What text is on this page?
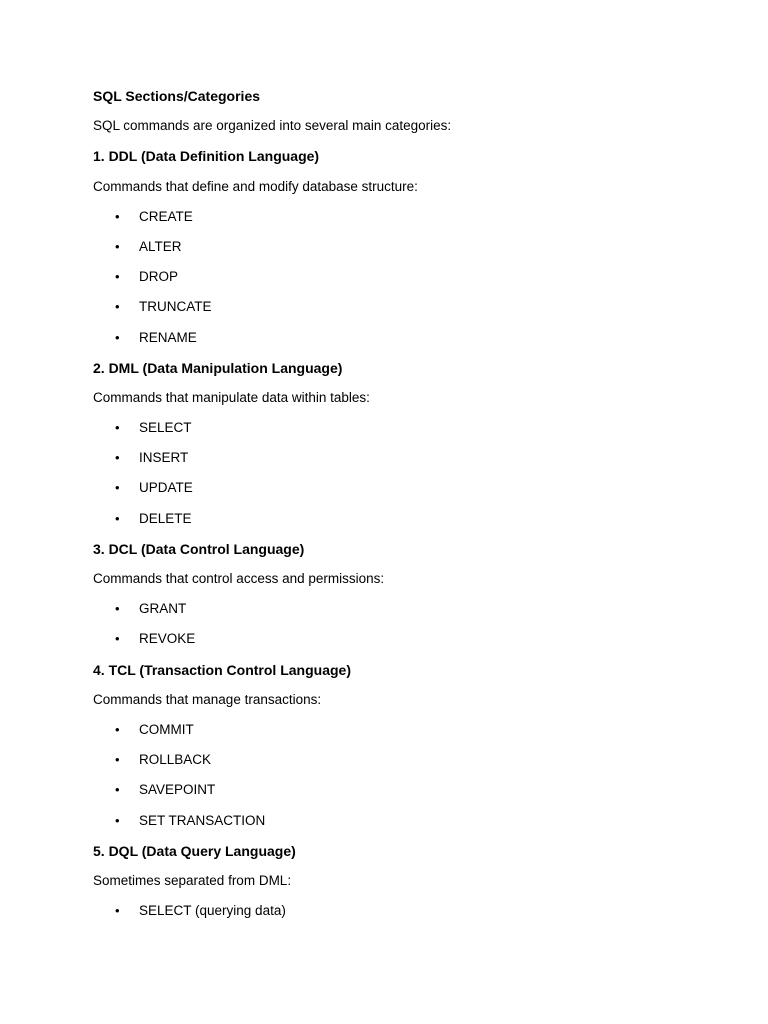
SQL Sections/Categories
SQL commands are organized into several main categories:
1. DDL (Data Definition Language)
Commands that define and modify database structure:
• CREATE
• ALTER
• DROP
• TRUNCATE
• RENAME
2. DML (Data Manipulation Language)
Commands that manipulate data within tables:
• SELECT
• INSERT
• UPDATE
• DELETE
3. DCL (Data Control Language)
Commands that control access and permissions:
• GRANT
• REVOKE
4. TCL (Transaction Control Language)
Commands that manage transactions:
• COMMIT
• ROLLBACK
• SAVEPOINT
• SET TRANSACTION
5. DQL (Data Query Language)
Sometimes separated from DML:
• SELECT (querying data)
